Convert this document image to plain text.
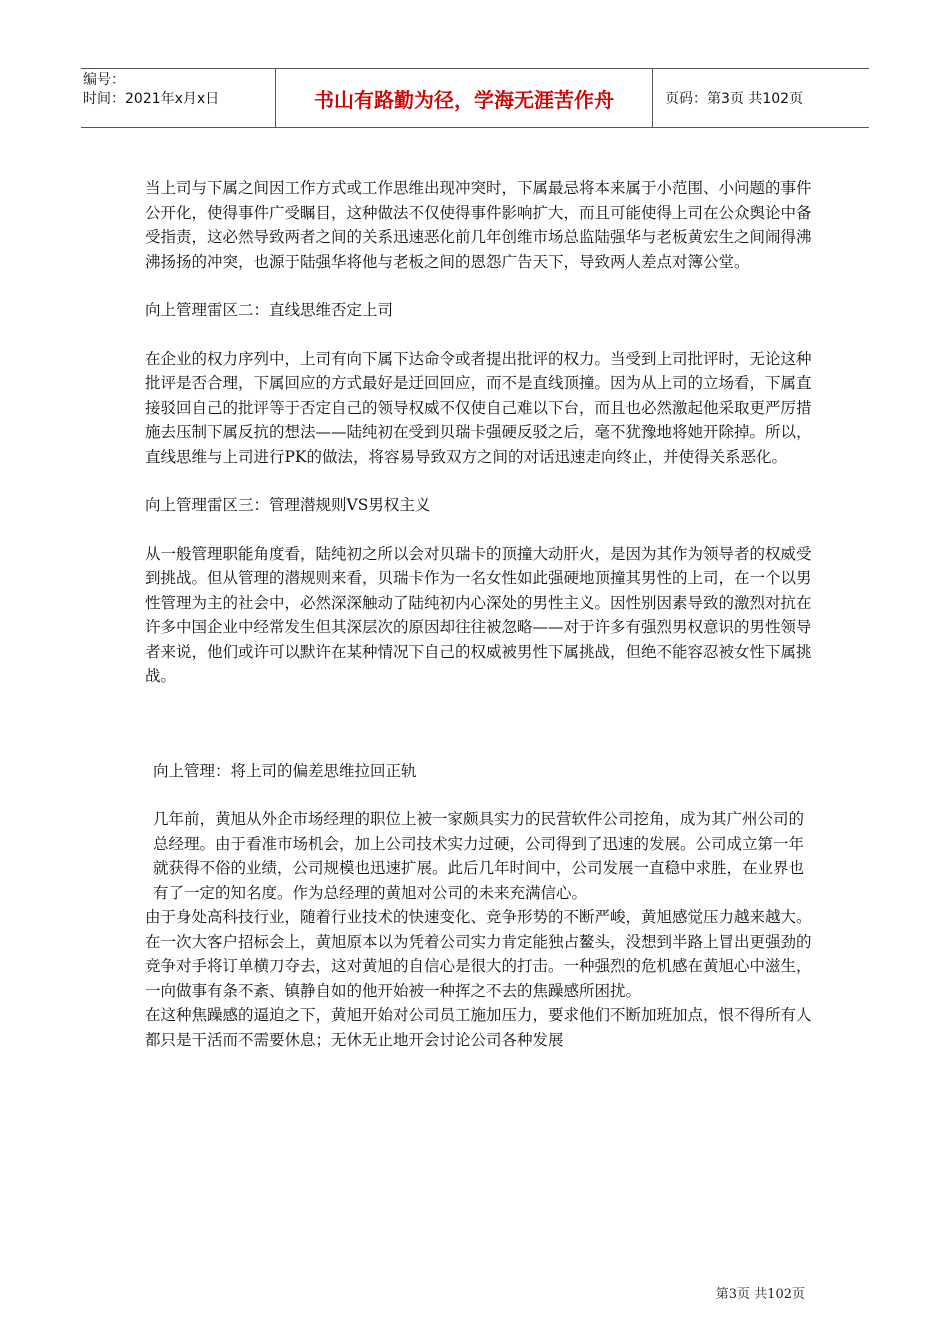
编号：
时间：2021年x月x日	书山有路勤为径，学海无涯苦作舟	页码：第3页 共102页

当上司与下属之间因工作方式或工作思维出现冲突时，下属最忌将本来属于小范围、小问题的事件公开化，使得事件广受瞩目，这种做法不仅使得事件影响扩大，而且可能使得上司在公众舆论中备受指责，这必然导致两者之间的关系迅速恶化前几年创维市场总监陆强华与老板黄宏生之间闹得沸沸扬扬的冲突，也源于陆强华将他与老板之间的恩怨广告天下，导致两人差点对簿公堂。

向上管理雷区二：直线思维否定上司

在企业的权力序列中，上司有向下属下达命令或者提出批评的权力。当受到上司批评时，无论这种批评是否合理，下属回应的方式最好是迂回回应，而不是直线顶撞。因为从上司的立场看，下属直接驳回自己的批评等于否定自己的领导权威不仅使自己难以下台，而且也必然激起他采取更严厉措施去压制下属反抗的想法——陆纯初在受到贝瑞卡强硬反驳之后，毫不犹豫地将她开除掉。所以，直线思维与上司进行PK的做法，将容易导致双方之间的对话迅速走向终止，并使得关系恶化。

向上管理雷区三：管理潜规则VS男权主义

从一般管理职能角度看，陆纯初之所以会对贝瑞卡的顶撞大动肝火，是因为其作为领导者的权威受到挑战。但从管理的潜规则来看，贝瑞卡作为一名女性如此强硬地顶撞其男性的上司，在一个以男性管理为主的社会中，必然深深触动了陆纯初内心深处的男性主义。因性别因素导致的激烈对抗在许多中国企业中经常发生但其深层次的原因却往往被忽略——对于许多有强烈男权意识的男性领导者来说，他们或许可以默许在某种情况下自己的权威被男性下属挑战，但绝不能容忍被女性下属挑战。

向上管理：将上司的偏差思维拉回正轨

几年前，黄旭从外企市场经理的职位上被一家颇具实力的民营软件公司挖角，成为其广州公司的总经理。由于看准市场机会，加上公司技术实力过硬，公司得到了迅速的发展。公司成立第一年就获得不俗的业绩，公司规模也迅速扩展。此后几年时间中，公司发展一直稳中求胜，在业界也有了一定的知名度。作为总经理的黄旭对公司的未来充满信心。

由于身处高科技行业，随着行业技术的快速变化、竞争形势的不断严峻，黄旭感觉压力越来越大。在一次大客户招标会上，黄旭原本以为凭着公司实力肯定能独占鳌头，没想到半路上冒出更强劲的竞争对手将订单横刀夺去，这对黄旭的自信心是很大的打击。一种强烈的危机感在黄旭心中滋生，一向做事有条不紊、镇静自如的他开始被一种挥之不去的焦躁感所困扰。

在这种焦躁感的逼迫之下，黄旭开始对公司员工施加压力，要求他们不断加班加点，恨不得所有人都只是干活而不需要休息；无休无止地开会讨论公司各种发展

第3页 共102页
